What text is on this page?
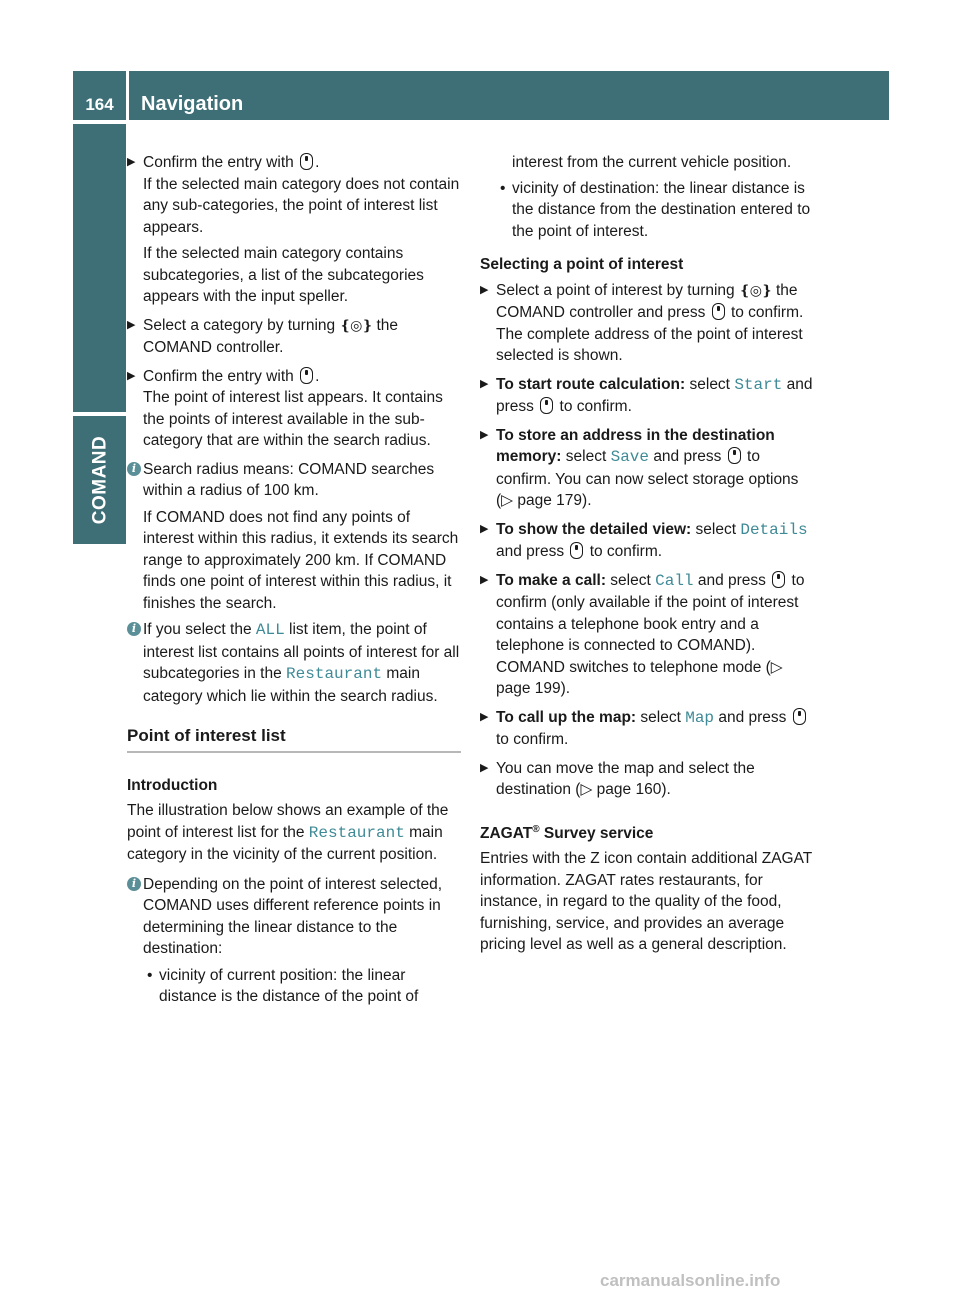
164	Navigation
COMAND
▶
Confirm the entry with .
If the selected main category does not contain any sub-categories, the point of interest list appears.
If the selected main category contains subcategories, a list of the subcategories appears with the input speller.
▶
Select a category by turning ❴◎❵ the COMAND controller.
▶
Confirm the entry with .
The point of interest list appears. It contains the points of interest available in the sub-category that are within the search radius.
i Search radius means: COMAND searches within a radius of 100 km.
If COMAND does not find any points of interest within this radius, it extends its search range to approximately 200 km. If COMAND finds one point of interest within this radius, it finishes the search.
i If you select the ALL list item, the point of interest list contains all points of interest for all subcategories in the Restaurant main category which lie within the search radius.
Point of interest list
Introduction
The illustration below shows an example of the point of interest list for the Restaurant main category in the vicinity of the current position.
i Depending on the point of interest selected, COMAND uses different reference points in determining the linear distance to the destination:
• vicinity of current position: the linear distance is the distance of the point of
interest from the current vehicle position.
• vicinity of destination: the linear distance is the distance from the destination entered to the point of interest.
Selecting a point of interest
▶
Select a point of interest by turning ❴◎❵ the COMAND controller and press to confirm.
The complete address of the point of interest selected is shown.
▶
To start route calculation: select Start and press to confirm.
▶
To store an address in the destination memory: select Save and press to confirm. You can now select storage options (▷ page 179).
▶
To show the detailed view: select Details and press to confirm.
▶
To make a call: select Call and press to confirm (only available if the point of interest contains a telephone book entry and a telephone is connected to COMAND). COMAND switches to telephone mode (▷ page 199).
▶
To call up the map: select Map and press  to confirm.
▶
You can move the map and select the destination (▷ page 160).
ZAGAT® Survey service
Entries with the Z icon contain additional ZAGAT information. ZAGAT rates restaurants, for instance, in regard to the quality of the food, furnishing, service, and provides an average pricing level as well as a general description.
carmanualsonline.info
